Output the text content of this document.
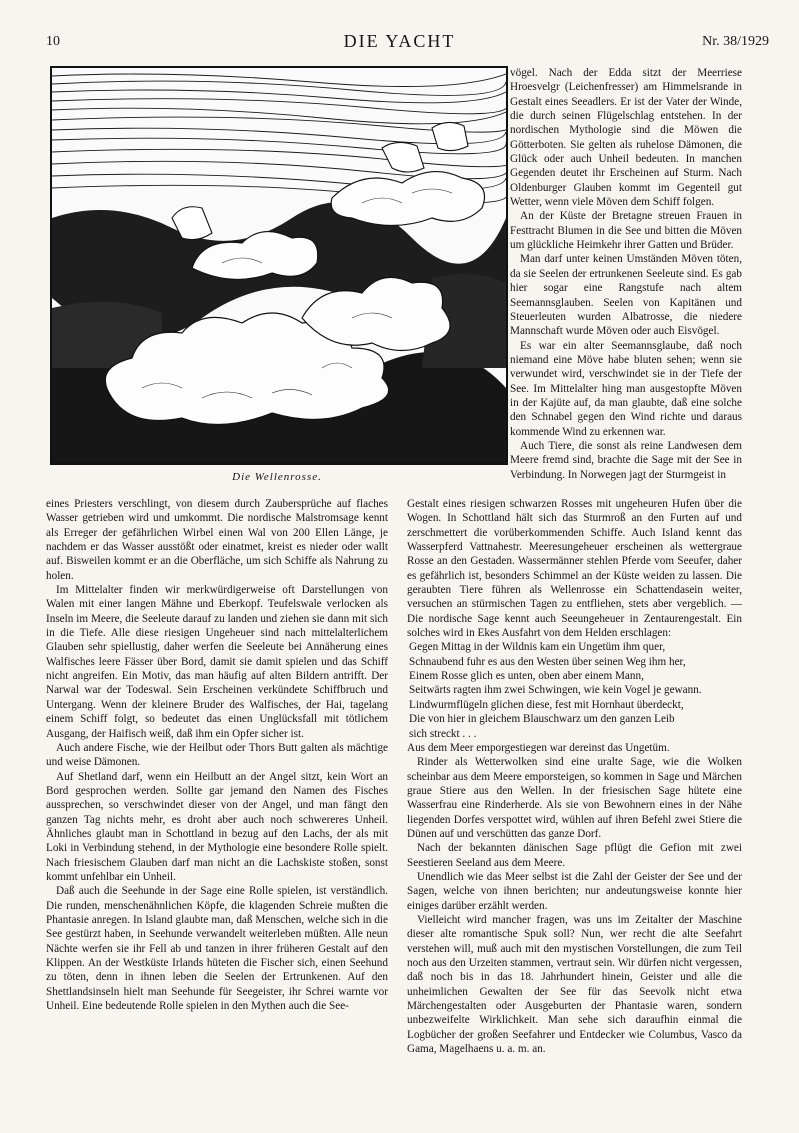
10	DIE YACHT	Nr. 38/1929
Die Wellenrosse.

vögel. Nach der Edda sitzt der Meerriese Hroesvelgr (Leichenfresser) am Himmelsrande in Gestalt eines Seeadlers. Er ist der Vater der Winde, die durch seinen Flügelschlag entstehen. In der nordischen Mythologie sind die Möwen die Götterboten. Sie gelten als ruhelose Dämonen, die Glück oder auch Unheil bedeuten. In manchen Gegenden deutet ihr Erscheinen auf Sturm. Nach Oldenburger Glauben kommt im Gegenteil gut Wetter, wenn viele Möven dem Schiff folgen.

An der Küste der Bretagne streuen Frauen in Festtracht Blumen in die See und bitten die Möven um glückliche Heimkehr ihrer Gatten und Brüder.

Man darf unter keinen Umständen Möven töten, da sie Seelen der ertrunkenen Seeleute sind. Es gab hier sogar eine Rangstufe nach altem Seemannsglauben. Seelen von Kapitänen und Steuerleuten wurden Albatrosse, die niedere Mannschaft wurde Möven oder auch Eisvögel.

Es war ein alter Seemannsglaube, daß noch niemand eine Möve habe bluten sehen; wenn sie verwundet wird, verschwindet sie in der Tiefe der See. Im Mittelalter hing man ausgestopfte Möven in der Kajüte auf, da man glaubte, daß eine solche den Schnabel gegen den Wind richte und daraus kommende Wind zu erkennen war.

Auch Tiere, die sonst als reine Landwesen dem Meere fremd sind, brachte die Sage mit der See in Verbindung. In Norwegen jagt der Sturmgeist in

eines Priesters verschlingt, von diesem durch Zaubersprüche auf flaches Wasser getrieben wird und umkommt. Die nordische Malstromsage kennt als Erreger der gefährlichen Wirbel einen Wal von 200 Ellen Länge, je nachdem er das Wasser ausstößt oder einatmet, kreist es nieder oder wallt auf. Bisweilen kommt er an die Oberfläche, um sich Schiffe als Nahrung zu holen.

Im Mittelalter finden wir merkwürdigerweise oft Darstellungen von Walen mit einer langen Mähne und Eberkopf. Teufelswale verlocken als Inseln im Meere, die Seeleute darauf zu landen und ziehen sie dann mit sich in die Tiefe. Alle diese riesigen Ungeheuer sind nach mittelalterlichem Glauben sehr spiellustig, daher werfen die Seeleute bei Annäherung eines Walfisches leere Fässer über Bord, damit sie damit spielen und das Schiff nicht angreifen. Ein Motiv, das man häufig auf alten Bildern antrifft. Der Narwal war der Todeswal. Sein Erscheinen verkündete Schiffbruch und Untergang. Wenn der kleinere Bruder des Walfisches, der Hai, tagelang einem Schiff folgt, so bedeutet das einen Unglücksfall mit tötlichem Ausgang, der Haifisch weiß, daß ihm ein Opfer sicher ist.

Auch andere Fische, wie der Heilbut oder Thors Butt galten als mächtige und weise Dämonen.

Auf Shetland darf, wenn ein Heilbutt an der Angel sitzt, kein Wort an Bord gesprochen werden. Sollte gar jemand den Namen des Fisches aussprechen, so verschwindet dieser von der Angel, und man fängt den ganzen Tag nichts mehr, es droht aber auch noch schwereres Unheil. Ähnliches glaubt man in Schottland in bezug auf den Lachs, der als mit Loki in Verbindung stehend, in der Mythologie eine besondere Rolle spielt. Nach friesischem Glauben darf man nicht an die Lachskiste stoßen, sonst kommt unfehlbar ein Unheil.

Daß auch die Seehunde in der Sage eine Rolle spielen, ist verständlich. Die runden, menschenähnlichen Köpfe, die klagenden Schreie mußten die Phantasie anregen. In Island glaubte man, daß Menschen, welche sich in die See gestürzt haben, in Seehunde verwandelt weiterleben müßten. Alle neun Nächte werfen sie ihr Fell ab und tanzen in ihrer früheren Gestalt auf den Klippen. An der Westküste Irlands hüteten die Fischer sich, einen Seehund zu töten, denn in ihnen leben die Seelen der Ertrunkenen. Auf den Shettlandsinseln hielt man Seehunde für Seegeister, ihr Schrei warnte vor Unheil. Eine bedeutende Rolle spielen in den Mythen auch die See-

Gestalt eines riesigen schwarzen Rosses mit ungeheuren Hufen über die Wogen. In Schottland hält sich das Sturmroß an den Furten auf und zerschmettert die vorüberkommenden Schiffe. Auch Island kennt das Wasserpferd Vattnahestr. Meeresungeheuer erscheinen als wettergraue Rosse an den Gestaden. Wassermänner stehlen Pferde vom Seeufer, daher es gefährlich ist, besonders Schimmel an der Küste weiden zu lassen. Die geraubten Tiere führen als Wellenrosse ein Schattendasein weiter, versuchen an stürmischen Tagen zu entfliehen, stets aber vergeblich. — Die nordische Sage kennt auch Seeungeheuer in Zentaurengestalt. Ein solches wird in Ekes Ausfahrt von dem Helden erschlagen:

Gegen Mittag in der Wildnis kam ein Ungetüm ihm quer,

Schnaubend fuhr es aus den Westen über seinen Weg ihm her,

Einem Rosse glich es unten, oben aber einem Mann,

Seitwärts ragten ihm zwei Schwingen, wie kein Vogel je gewann.

Lindwurmflügeln glichen diese, fest mit Hornhaut überdeckt,

Die von hier in gleichem Blauschwarz um den ganzen Leib

sich streckt . . .

Aus dem Meer emporgestiegen war dereinst das Ungetüm.

Rinder als Wetterwolken sind eine uralte Sage, wie die Wolken scheinbar aus dem Meere emporsteigen, so kommen in Sage und Märchen graue Stiere aus den Wellen. In der friesischen Sage hütete eine Wasserfrau eine Rinderherde. Als sie von Bewohnern eines in der Nähe liegenden Dorfes verspottet wird, wühlen auf ihren Befehl zwei Stiere die Dünen auf und verschütten das ganze Dorf.

Nach der bekannten dänischen Sage pflügt die Gefion mit zwei Seestieren Seeland aus dem Meere.

Unendlich wie das Meer selbst ist die Zahl der Geister der See und der Sagen, welche von ihnen berichten; nur andeutungsweise konnte hier einiges darüber erzählt werden.

Vielleicht wird mancher fragen, was uns im Zeitalter der Maschine dieser alte romantische Spuk soll? Nun, wer recht die alte Seefahrt verstehen will, muß auch mit den mystischen Vorstellungen, die zum Teil noch aus den Urzeiten stammen, vertraut sein. Wir dürfen nicht vergessen, daß noch bis in das 18. Jahrhundert hinein, Geister und alle die unheimlichen Gewalten der See für das Seevolk nicht etwa Märchengestalten oder Ausgeburten der Phantasie waren, sondern unbezweifelte Wirklichkeit. Man sehe sich daraufhin einmal die Logbücher der großen Seefahrer und Entdecker wie Columbus, Vasco da Gama, Magelhaens u. a. m. an.
